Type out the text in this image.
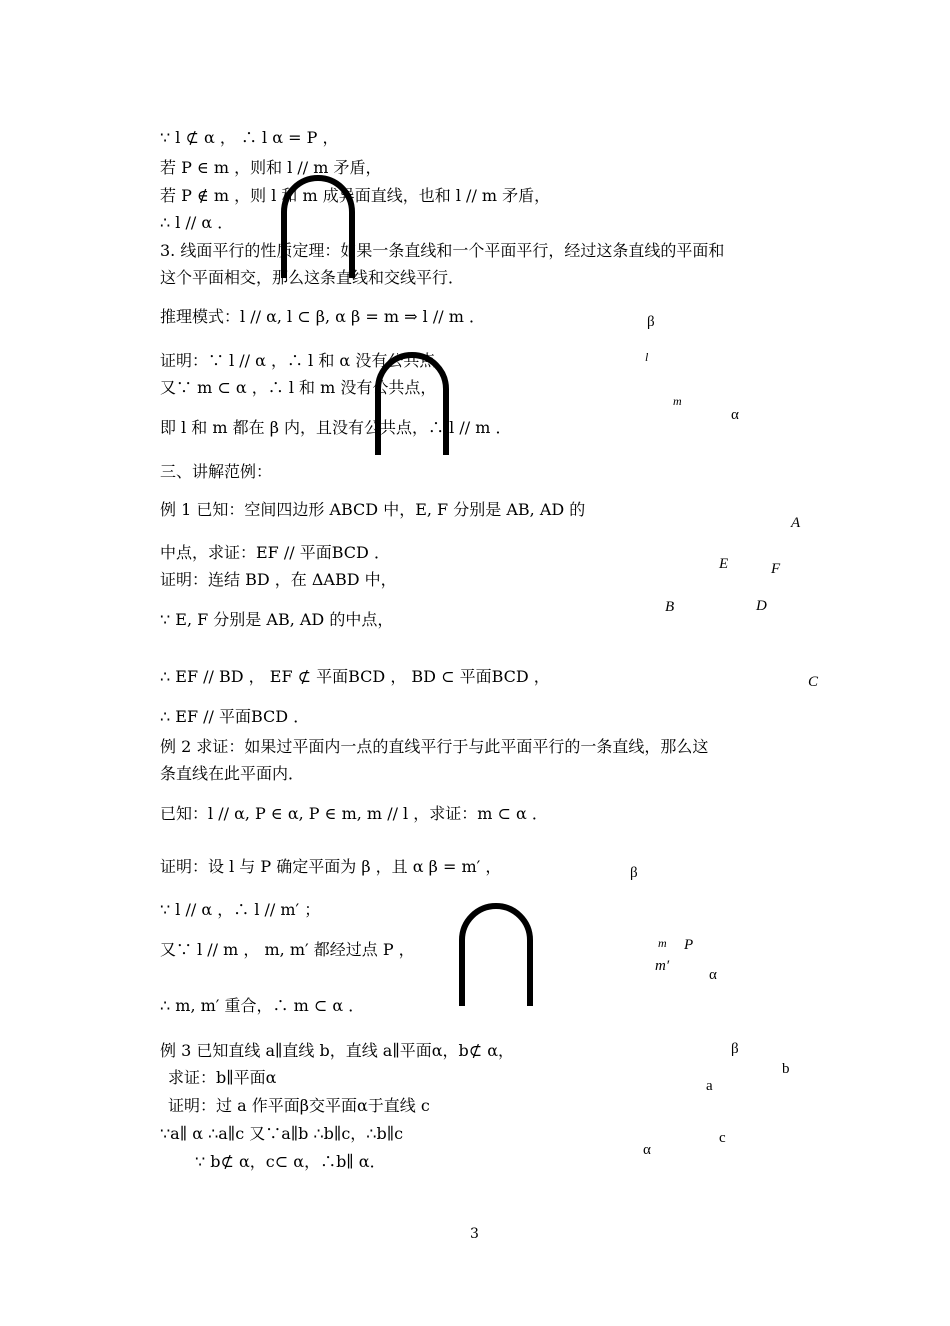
∵ l ⊄ α ， ∴ l α = P ，
若 P ∈ m ，则和 l // m 矛盾，
若 P ∉ m ，则 l 和 m 成异面直线，也和 l // m 矛盾，
∴ l // α ．
3. 线面平行的性质定理：如果一条直线和一个平面平行，经过这条直线的平面和
这个平面相交，那么这条直线和交线平行．
推理模式：l // α, l ⊂ β, α β = m ⇒ l // m ．
证明：∵ l // α ，∴ l 和 α 没有公共点，
又∵ m ⊂ α ，∴ l 和 m 没有公共点，
即 l 和 m 都在 β 内，且没有公共点，∴ l // m ．
三、讲解范例：
例 1 已知：空间四边形 ABCD 中，E, F 分别是 AB, AD 的
中点，求证：EF // 平面BCD ．
证明：连结 BD ，在 ΔABD 中，
∵ E, F 分别是 AB, AD 的中点，
∴ EF // BD ， EF ⊄ 平面BCD ， BD ⊂ 平面BCD ，
∴ EF // 平面BCD ．
例 2 求证：如果过平面内一点的直线平行于与此平面平行的一条直线，那么这
条直线在此平面内．
已知：l // α, P ∈ α, P ∈ m, m // l ，求证：m ⊂ α ．
证明：设 l 与 P 确定平面为 β ，且 α β = m′ ，
∵ l // α ，∴ l // m′ ；
又∵ l // m ， m, m′ 都经过点 P ，
∴ m, m′ 重合，∴ m ⊂ α ．
例 3 已知直线 a∥直线 b，直线 a∥平面α，b⊄ α，
求证：b∥平面α
证明：过 a 作平面β交平面α于直线 c
∵a∥ α ∴a∥c 又∵a∥b ∴b∥c，∴b∥c
∵ b⊄ α，c⊂ α，∴b∥ α．
β
l
m
α
A
E	F
B	D
C
β
m P
m′
α
β
b
a
c
α
3
